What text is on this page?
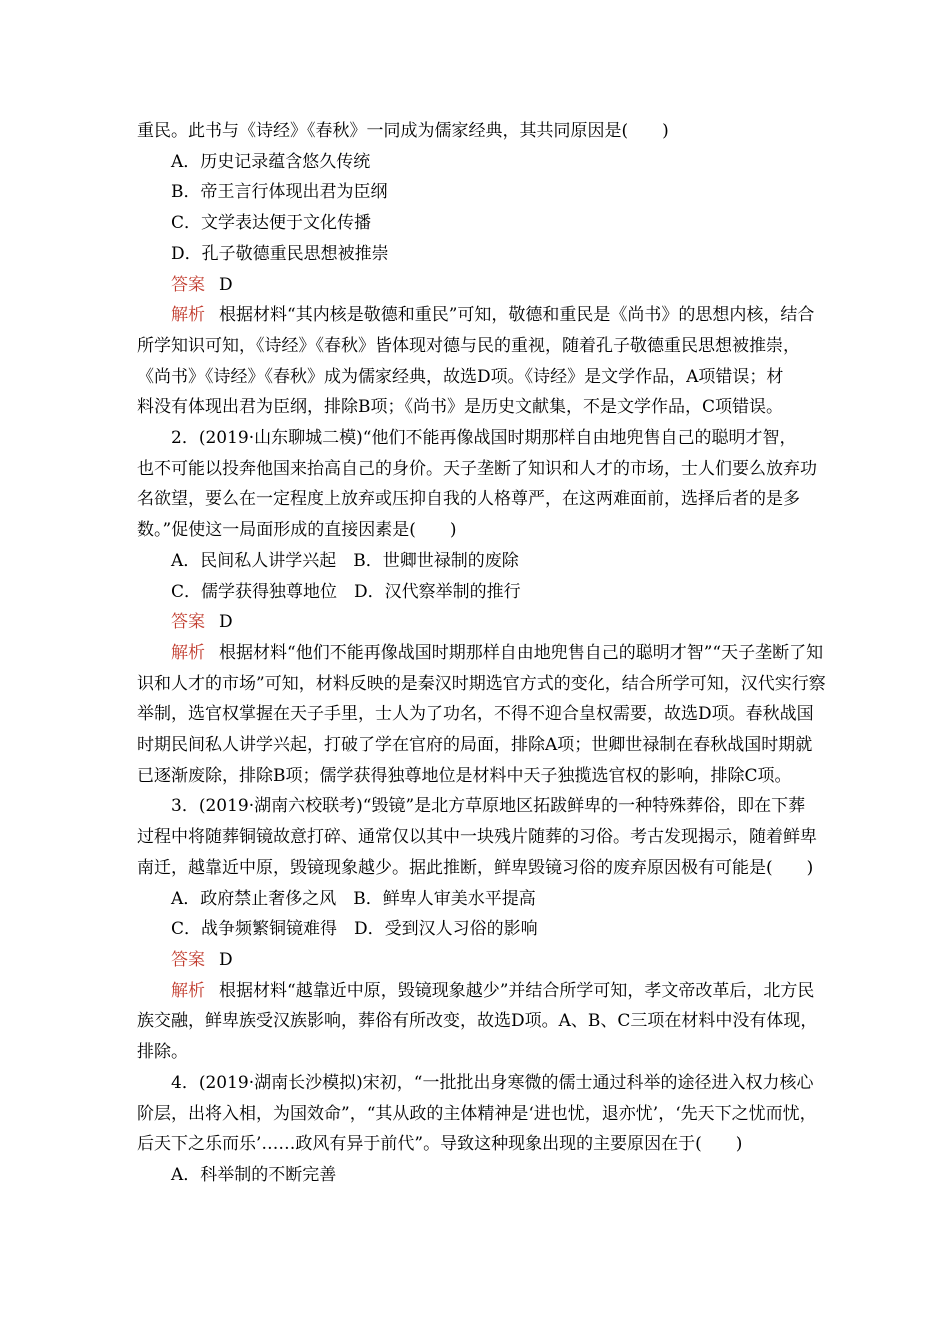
重民。此书与《诗经》《春秋》一同成为儒家经典，其共同原因是(　　)
A．历史记录蕴含悠久传统
B．帝王言行体现出君为臣纲
C．文学表达便于文化传播
D．孔子敬德重民思想被推崇
答案 D
解析 根据材料“其内核是敬德和重民”可知，敬德和重民是《尚书》的思想内核，结合
所学知识可知，《诗经》《春秋》皆体现对德与民的重视，随着孔子敬德重民思想被推崇，
《尚书》《诗经》《春秋》成为儒家经典，故选D项。《诗经》是文学作品，A项错误；材
料没有体现出君为臣纲，排除B项；《尚书》是历史文献集，不是文学作品，C项错误。
2．(2019·山东聊城二模)“他们不能再像战国时期那样自由地兜售自己的聪明才智，
也不可能以投奔他国来抬高自己的身价。天子垄断了知识和人才的市场，士人们要么放弃功
名欲望，要么在一定程度上放弃或压抑自我的人格尊严，在这两难面前，选择后者的是多
数。”促使这一局面形成的直接因素是(　　)
A．民间私人讲学兴起　B．世卿世禄制的废除
C．儒学获得独尊地位　D．汉代察举制的推行
答案 D
解析 根据材料“他们不能再像战国时期那样自由地兜售自己的聪明才智”“天子垄断了知
识和人才的市场”可知，材料反映的是秦汉时期选官方式的变化，结合所学可知，汉代实行察
举制，选官权掌握在天子手里，士人为了功名，不得不迎合皇权需要，故选D项。春秋战国
时期民间私人讲学兴起，打破了学在官府的局面，排除A项；世卿世禄制在春秋战国时期就
已逐渐废除，排除B项；儒学获得独尊地位是材料中天子独揽选官权的影响，排除C项。
3．(2019·湖南六校联考)“毁镜”是北方草原地区拓跋鲜卑的一种特殊葬俗，即在下葬
过程中将随葬铜镜故意打碎、通常仅以其中一块残片随葬的习俗。考古发现揭示，随着鲜卑
南迁，越靠近中原，毁镜现象越少。据此推断，鲜卑毁镜习俗的废弃原因极有可能是(　　)
A．政府禁止奢侈之风　B．鲜卑人审美水平提高
C．战争频繁铜镜难得　D．受到汉人习俗的影响
答案 D
解析 根据材料“越靠近中原，毁镜现象越少”并结合所学可知，孝文帝改革后，北方民
族交融，鲜卑族受汉族影响，葬俗有所改变，故选D项。A、B、C三项在材料中没有体现，
排除。
4．(2019·湖南长沙模拟)宋初，“一批批出身寒微的儒士通过科举的途径进入权力核心
阶层，出将入相，为国效命”，“其从政的主体精神是‘进也忧，退亦忧’，‘先天下之忧而忧，
后天下之乐而乐’……政风有异于前代”。导致这种现象出现的主要原因在于(　　)
A．科举制的不断完善
